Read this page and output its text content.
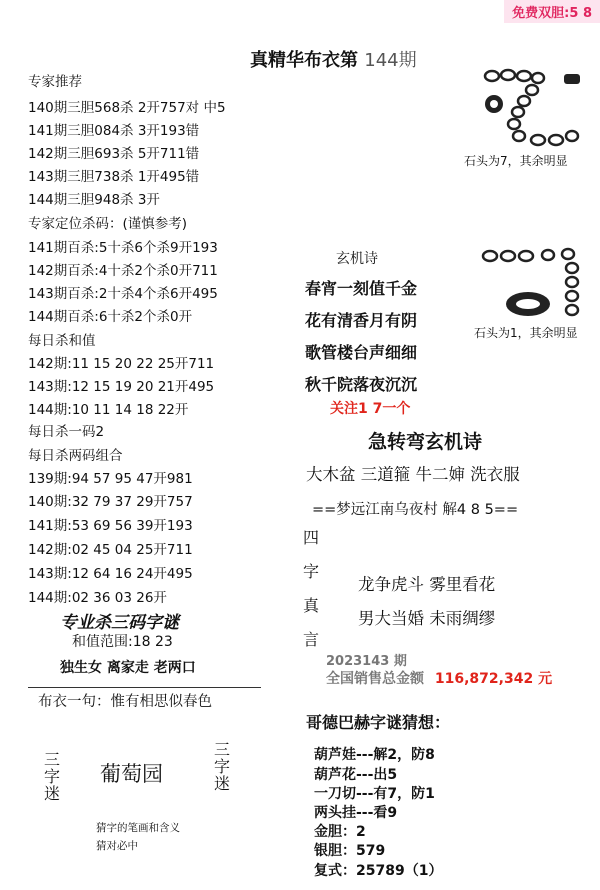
免费双胆:5 8
真精华布衣第 144期
专家推荐
140期三胆568杀 2开757对 中5
141期三胆084杀 3开193错
142期三胆693杀 5开711错
143期三胆738杀 1开495错
144期三胆948杀 3开
专家定位杀码：(谨慎参考)
141期百杀:5十杀6个杀9开193
142期百杀:4十杀2个杀0开711
143期百杀:2十杀4个杀6开495
144期百杀:6十杀2个杀0开
每日杀和值
142期:11 15 20 22 25开711
143期:12 15 19 20 21开495
144期:10 11 14 18 22开
每日杀一码2
每日杀两码组合
139期:94 57 95 47开981
140期:32 79 37 29开757
141期:53 69 56 39开193
142期:02 45 04 25开711
143期:12 64 16 24开495
144期:02 36 03 26开
专业杀三码字谜
和值范围:18 23
独生女 离家走 老两口
布衣一句：惟有相思似春色
三字迷
葡萄园
三字迷
猜字的笔画和含义
猜对必中
石头为7，其余明显
石头为1，其余明显
玄机诗
春宵一刻值千金
花有清香月有阴
歌管楼台声细细
秋千院落夜沉沉
关注1 7一个
急转弯玄机诗
大木盆 三道箍 牛二婶 洗衣服
==梦远江南乌夜村 解4 8 5==
四
字
真
言
龙争虎斗 雾里看花
男大当婚 未雨绸缪
2023143 期
全国销售总金额 116,872,342 元
哥德巴赫字谜猜想：
葫芦娃---解2，防8
葫芦花---出5
一刀切---有7，防1
两头挂---看9
金胆：2
银胆：579
复式：25789（1）
